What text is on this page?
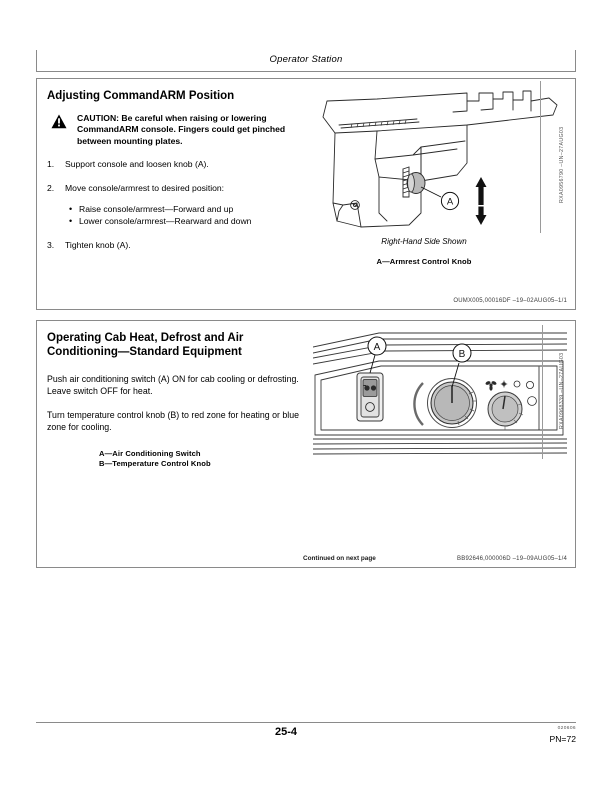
Operator Station
Adjusting CommandARM Position
CAUTION: Be careful when raising or lowering CommandARM console. Fingers could get pinched between mounting plates.
1.	Support console and loosen knob (A).
2.	Move console/armrest to desired position:
• Raise console/armrest—Forward and up
• Lower console/armrest—Rearward and down
3.	Tighten knob (A).
A	RXA0956790 –UN–27AUG03
Right-Hand Side Shown
A—Armrest Control Knob
OUMX005,00016DF –19–02AUG05–1/1
Operating Cab Heat, Defrost and Air Conditioning—Standard Equipment
Push air conditioning switch (A) ON for cab cooling or defrosting. Leave switch OFF for heat.
Turn temperature control knob (B) to red zone for heating or blue zone for cooling.
A—Air Conditioning Switch
B—Temperature Control Knob
A
B	RXA0968339 –UN–27AUG03
Continued on next page	BB92646,000006D –19–09AUG05–1/4
25-4	020606
PN=72
